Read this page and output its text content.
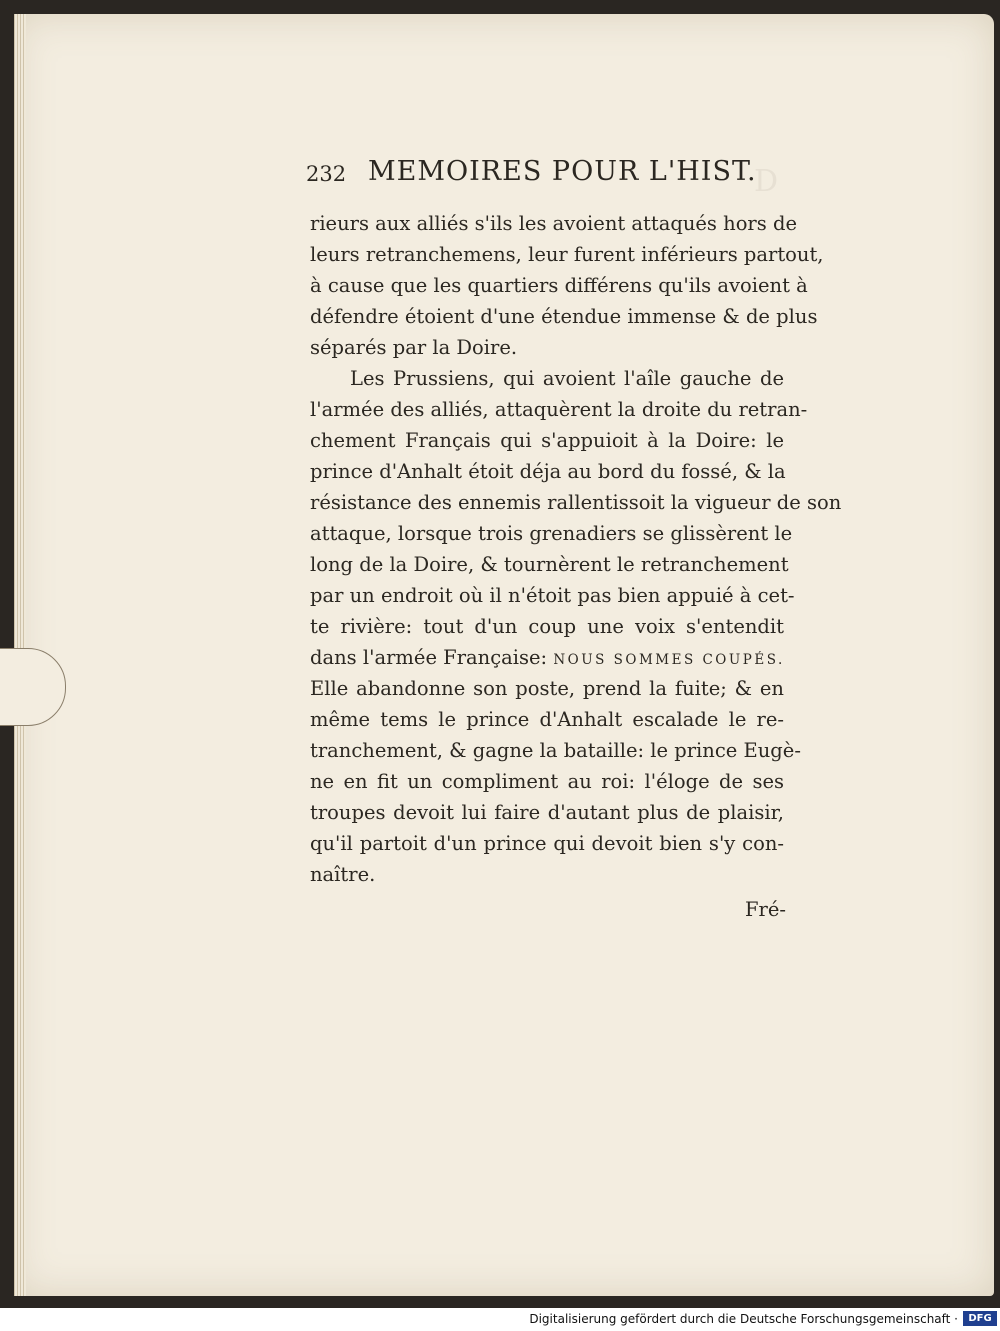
D
232 MEMOIRES POUR L'HIST.
rieurs aux alliés s'ils les avoient attaqués hors de
leurs retranchemens, leur furent inférieurs partout,
à cause que les quartiers différens qu'ils avoient à
défendre étoient d'une étendue immense & de plus
séparés par la Doire.
Les Prussiens, qui avoient l'aîle gauche de
l'armée des alliés, attaquèrent la droite du retran-
chement Français qui s'appuioit à la Doire: le
prince d'Anhalt étoit déja au bord du fossé, & la
résistance des ennemis rallentissoit la vigueur de son
attaque, lorsque trois grenadiers se glissèrent le
long de la Doire, & tournèrent le retranchement
par un endroit où il n'étoit pas bien appuié à cet-
te rivière: tout d'un coup une voix s'entendit
dans l'armée Française: NOUS SOMMES COUPÉS.
Elle abandonne son poste, prend la fuite; & en
même tems le prince d'Anhalt escalade le re-
tranchement, & gagne la bataille: le prince Eugè-
ne en fit un compliment au roi: l'éloge de ses
troupes devoit lui faire d'autant plus de plaisir,
qu'il partoit d'un prince qui devoit bien s'y con-
naître.
Fré-
Digitalisierung gefördert durch die Deutsche Forschungsgemeinschaft ·	DFG
